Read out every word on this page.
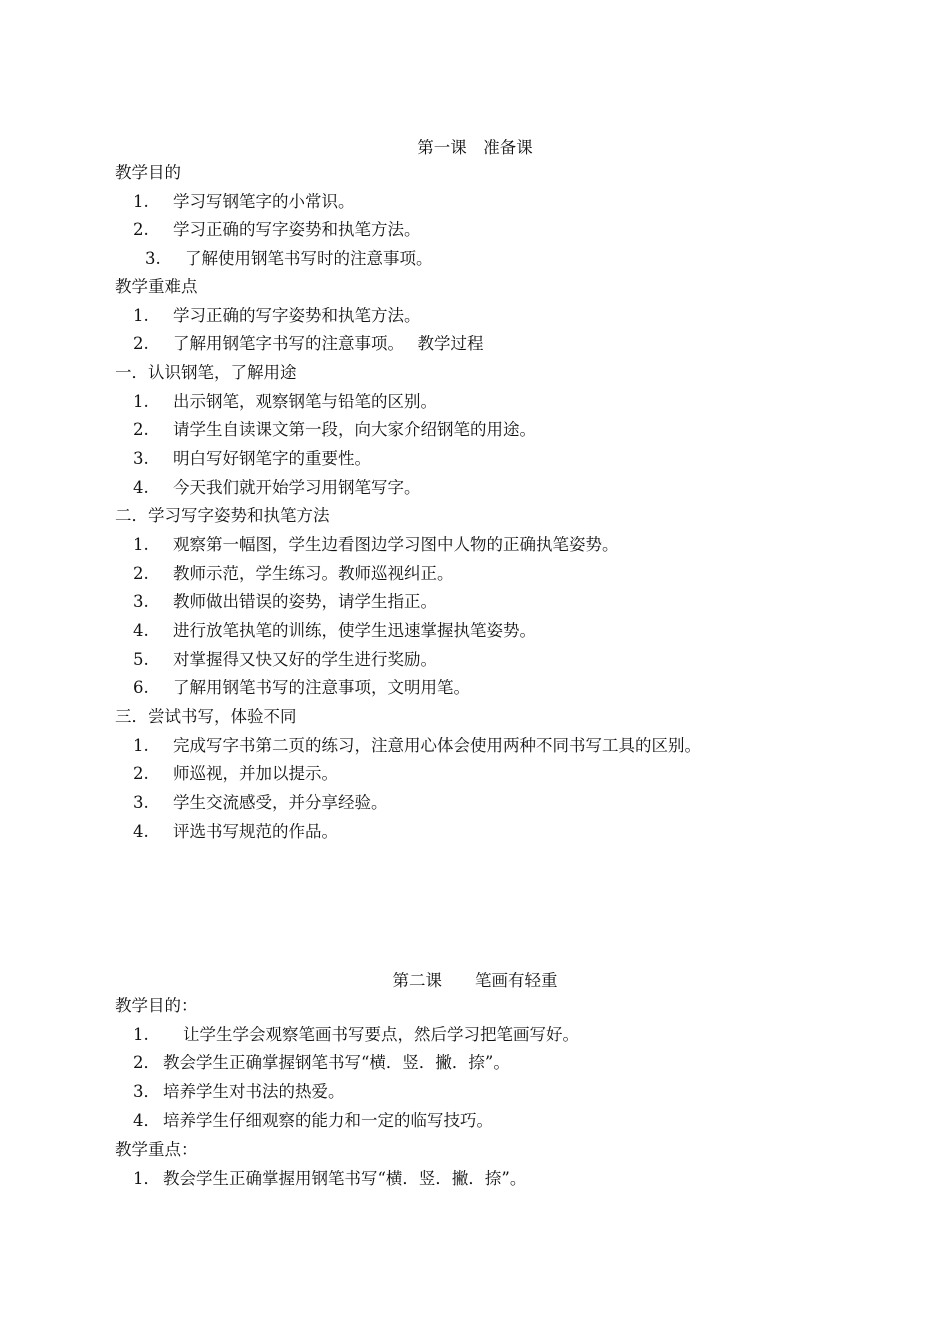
第一课　准备课
教学目的
1. 学习写钢笔字的小常识。
2. 学习正确的写字姿势和执笔方法。
3. 了解使用钢笔书写时的注意事项。
教学重难点
1. 学习正确的写字姿势和执笔方法。
2. 了解用钢笔字书写的注意事项。　 教学过程
一．认识钢笔，了解用途
1. 出示钢笔，观察钢笔与铅笔的区别。
2. 请学生自读课文第一段，向大家介绍钢笔的用途。
3. 明白写好钢笔字的重要性。
4. 今天我们就开始学习用钢笔写字。
二．学习写字姿势和执笔方法
1. 观察第一幅图，学生边看图边学习图中人物的正确执笔姿势。
2. 教师示范，学生练习。教师巡视纠正。
3. 教师做出错误的姿势，请学生指正。
4. 进行放笔执笔的训练，使学生迅速掌握执笔姿势。
5. 对掌握得又快又好的学生进行奖励。
6. 了解用钢笔书写的注意事项，文明用笔。
三．尝试书写，体验不同
1. 完成写字书第二页的练习，注意用心体会使用两种不同书写工具的区别。
2. 师巡视，并加以提示。
3. 学生交流感受，并分享经验。
4. 评选书写规范的作品。
第二课　　笔画有轻重
教学目的：
1. 让学生学会观察笔画书写要点，然后学习把笔画写好。
2． 教会学生正确掌握钢笔书写“横．竖．撇．捺”。
3． 培养学生对书法的热爱。
4． 培养学生仔细观察的能力和一定的临写技巧。
教学重点：
1． 教会学生正确掌握用钢笔书写“横．竖．撇．捺”。
